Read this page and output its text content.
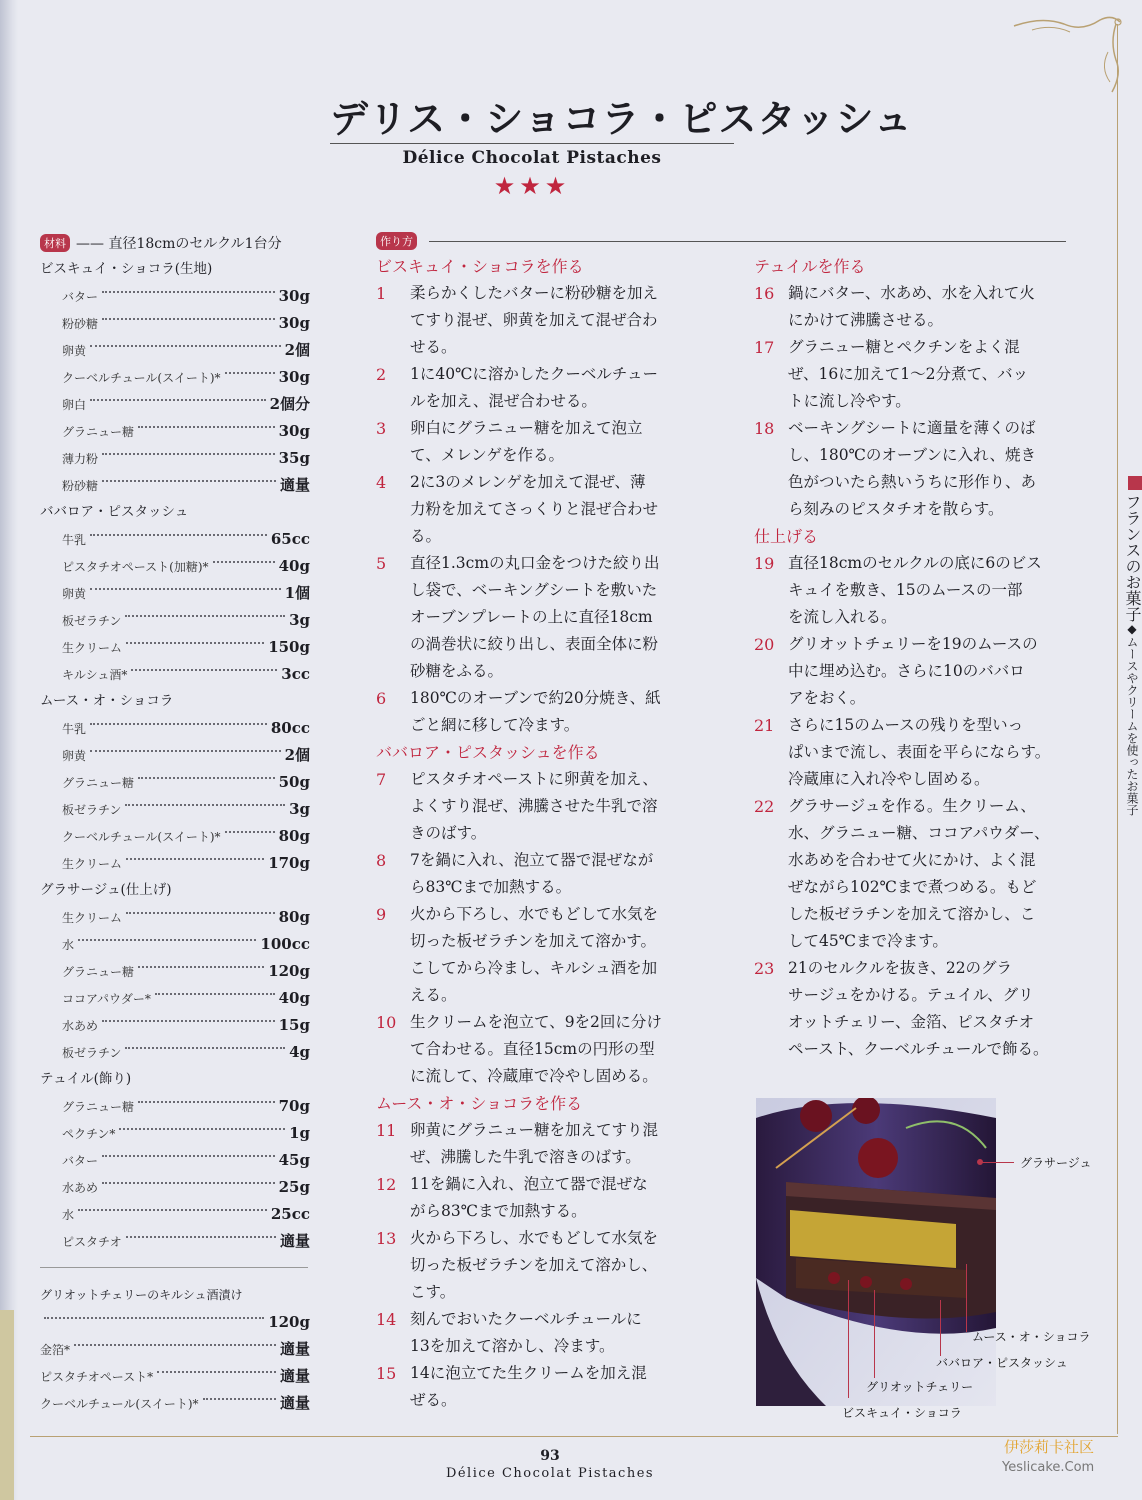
デリス・ショコラ・ピスタッシュ
Délice Chocolat Pistaches
★★★
材料 —— 直径18cmのセルクル1台分
ビスキュイ・ショコラ(生地)
バター	30g
粉砂糖	30g
卵黄	2個
クーベルチュール(スイート)*	30g
卵白	2個分
グラニュー糖	30g
薄力粉	35g
粉砂糖	適量
ババロア・ピスタッシュ
牛乳	65cc
ピスタチオペースト(加糖)*	40g
卵黄	1個
板ゼラチン	3g
生クリーム	150g
キルシュ酒*	3cc
ムース・オ・ショコラ
牛乳	80cc
卵黄	2個
グラニュー糖	50g
板ゼラチン	3g
クーベルチュール(スイート)*	80g
生クリーム	170g
グラサージュ(仕上げ)
生クリーム	80g
水	100cc
グラニュー糖	120g
ココアパウダー*	40g
水あめ	15g
板ゼラチン	4g
テュイル(飾り)
グラニュー糖	70g
ペクチン*	1g
バター	45g
水あめ	25g
水	25cc
ピスタチオ	適量
グリオットチェリーのキルシュ酒漬け
120g
金箔*	適量
ピスタチオペースト*	適量
クーベルチュール(スイート)*	適量
作り方
ビスキュイ・ショコラを作る
1	柔らかくしたバターに粉砂糖を加え
てすり混ぜ、卵黄を加えて混ぜ合わ
せる。
2	1に40℃に溶かしたクーベルチュー
ルを加え、混ぜ合わせる。
3	卵白にグラニュー糖を加えて泡立
て、メレンゲを作る。
4	2に3のメレンゲを加えて混ぜ、薄
力粉を加えてさっくりと混ぜ合わせ
る。
5	直径1.3cmの丸口金をつけた絞り出
し袋で、ベーキングシートを敷いた
オーブンプレートの上に直径18cm
の渦巻状に絞り出し、表面全体に粉
砂糖をふる。
6	180℃のオーブンで約20分焼き、紙
ごと網に移して冷ます。
ババロア・ピスタッシュを作る
7	ピスタチオペーストに卵黄を加え、
よくすり混ぜ、沸騰させた牛乳で溶
きのばす。
8	7を鍋に入れ、泡立て器で混ぜなが
ら83℃まで加熱する。
9	火から下ろし、水でもどして水気を
切った板ゼラチンを加えて溶かす。
こしてから冷まし、キルシュ酒を加
える。
10 生クリームを泡立て、9を2回に分け
て合わせる。直径15cmの円形の型
に流して、冷蔵庫で冷やし固める。
ムース・オ・ショコラを作る
11 卵黄にグラニュー糖を加えてすり混
ぜ、沸騰した牛乳で溶きのばす。
12 11を鍋に入れ、泡立て器で混ぜな
がら83℃まで加熱する。
13 火から下ろし、水でもどして水気を
切った板ゼラチンを加えて溶かし、
こす。
14 刻んでおいたクーベルチュールに
13を加えて溶かし、冷ます。
15 14に泡立てた生クリームを加え混
ぜる。
テュイルを作る
16 鍋にバター、水あめ、水を入れて火
にかけて沸騰させる。
17 グラニュー糖とペクチンをよく混
ぜ、16に加えて1〜2分煮て、バッ
トに流し冷やす。
18 ベーキングシートに適量を薄くのば
し、180℃のオーブンに入れ、焼き
色がついたら熱いうちに形作り、あ
ら刻みのピスタチオを散らす。
仕上げる
19 直径18cmのセルクルの底に6のビス
キュイを敷き、15のムースの一部
を流し入れる。
20 グリオットチェリーを19のムースの
中に埋め込む。さらに10のババロ
アをおく。
21 さらに15のムースの残りを型いっ
ぱいまで流し、表面を平らにならす。
冷蔵庫に入れ冷やし固める。
22 グラサージュを作る。生クリーム、
水、グラニュー糖、ココアパウダー、
水あめを合わせて火にかけ、よく混
ぜながら102℃まで煮つめる。もど
した板ゼラチンを加えて溶かし、こ
して45℃まで冷ます。
23 21のセルクルを抜き、22のグラ
サージュをかける。テュイル、グリ
オットチェリー、金箔、ピスタチオ
ペースト、クーベルチュールで飾る。
グラサージュ
ムース・オ・ショコラ
ババロア・ピスタッシュ
グリオットチェリー
ビスキュイ・ショコラ
フランスのお菓子◆ムースやクリームを使ったお菓子
93
Délice Chocolat Pistaches
伊莎莉卡社区
Yeslicake.Com
